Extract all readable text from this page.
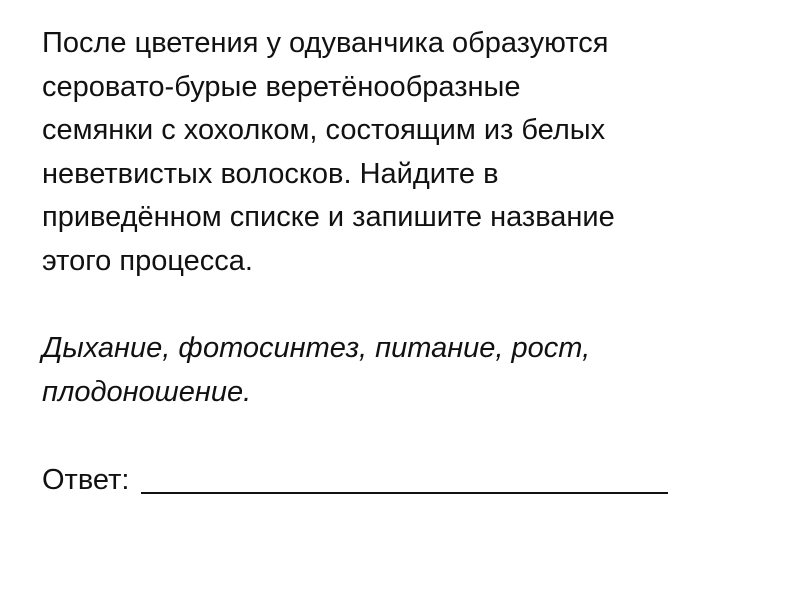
После цветения у одуванчика образуются
серовато-бурые веретёнообразные
семянки с хохолком, состоящим из белых
неветвистых волосков. Найдите в
приведённом списке и запишите название
этого процесса.

Дыхание, фотосинтез, питание, рост,
плодоношение.

Ответ:
